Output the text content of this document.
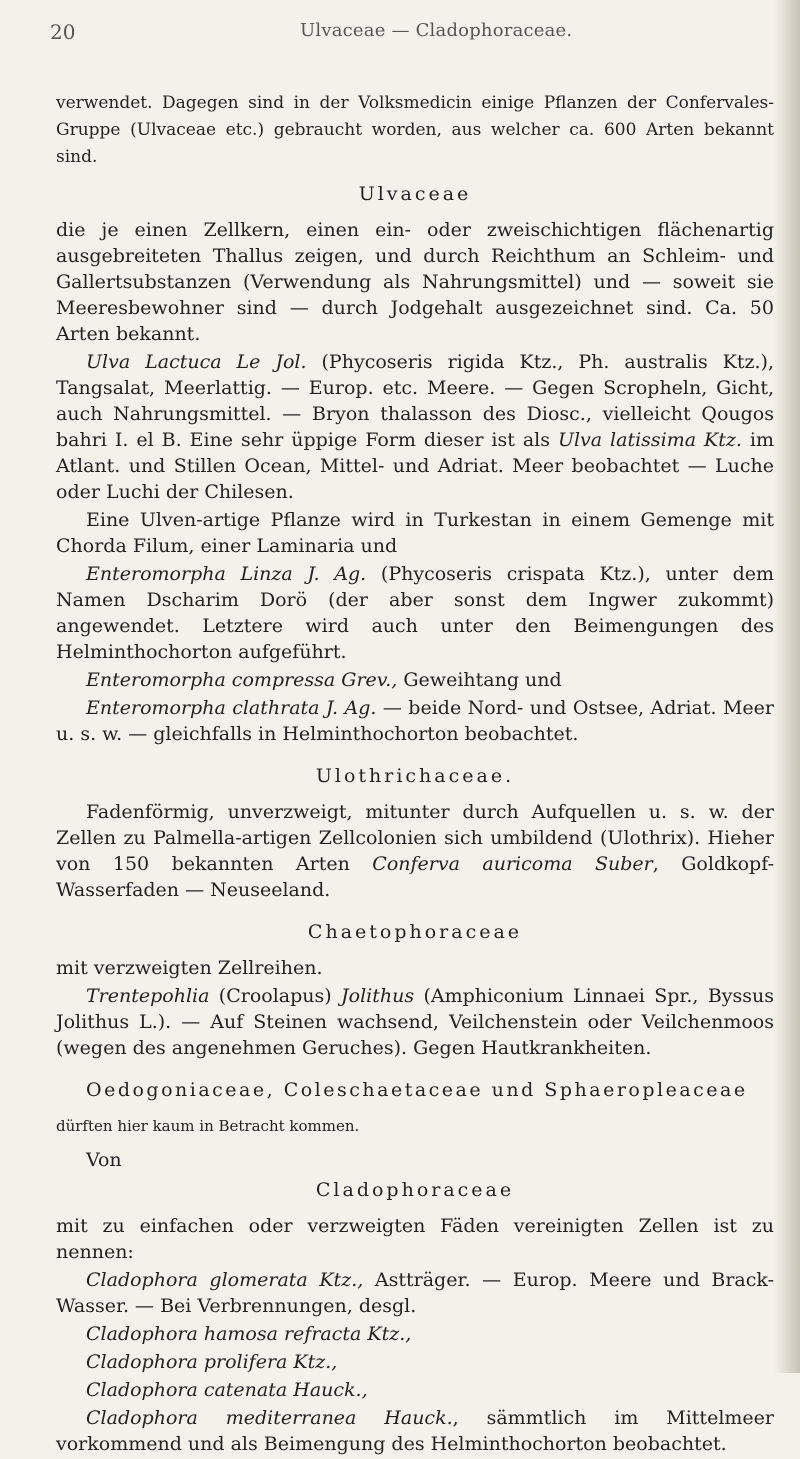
20	Ulvaceae — Cladophoraceae.

verwendet. Dagegen sind in der Volksmedicin einige Pflanzen der Confervales-Gruppe (Ulvaceae etc.) gebraucht worden, aus welcher ca. 600 Arten bekannt sind.

Ulvaceae

die je einen Zellkern, einen ein- oder zweischichtigen flächenartig ausgebreiteten Thallus zeigen, und durch Reichthum an Schleim- und Gallertsubstanzen (Verwendung als Nahrungsmittel) und — soweit sie Meeresbewohner sind — durch Jodgehalt ausgezeichnet sind. Ca. 50 Arten bekannt.

Ulva Lactuca Le Jol. (Phycoseris rigida Ktz., Ph. australis Ktz.), Tangsalat, Meerlattig. — Europ. etc. Meere. — Gegen Scropheln, Gicht, auch Nahrungsmittel. — Bryon thalasson des Diosc., vielleicht Qougos bahri I. el B. Eine sehr üppige Form dieser ist als Ulva latissima Ktz. im Atlant. und Stillen Ocean, Mittel- und Adriat. Meer beobachtet — Luche oder Luchi der Chilesen.

Eine Ulven-artige Pflanze wird in Turkestan in einem Gemenge mit Chorda Filum, einer Laminaria und

Enteromorpha Linza J. Ag. (Phycoseris crispata Ktz.), unter dem Namen Dscharim Dorö (der aber sonst dem Ingwer zukommt) angewendet. Letztere wird auch unter den Beimengungen des Helminthochorton aufgeführt.

Enteromorpha compressa Grev., Geweihtang und

Enteromorpha clathrata J. Ag. — beide Nord- und Ostsee, Adriat. Meer u. s. w. — gleichfalls in Helminthochorton beobachtet.

Ulothrichaceae.

Fadenförmig, unverzweigt, mitunter durch Aufquellen u. s. w. der Zellen zu Palmella-artigen Zellcolonien sich umbildend (Ulothrix). Hieher von 150 bekannten Arten Conferva auricoma Suber, Goldkopf-Wasserfaden — Neuseeland.

Chaetophoraceae

mit verzweigten Zellreihen.

Trentepohlia (Croolapus) Jolithus (Amphiconium Linnaei Spr., Byssus Jolithus L.). — Auf Steinen wachsend, Veilchenstein oder Veilchenmoos (wegen des angenehmen Geruches). Gegen Hautkrankheiten.

Oedogoniaceae, Coleschaetaceae und Sphaeropleaceae

dürften hier kaum in Betracht kommen.

Von

Cladophoraceae

mit zu einfachen oder verzweigten Fäden vereinigten Zellen ist zu nennen:

Cladophora glomerata Ktz., Astträger. — Europ. Meere und Brack-Wasser. — Bei Verbrennungen, desgl.

Cladophora hamosa refracta Ktz.,

Cladophora prolifera Ktz.,

Cladophora catenata Hauck.,

Cladophora mediterranea Hauck., sämmtlich im Mittelmeer vorkommend und als Beimengung des Helminthochorton beobachtet.
